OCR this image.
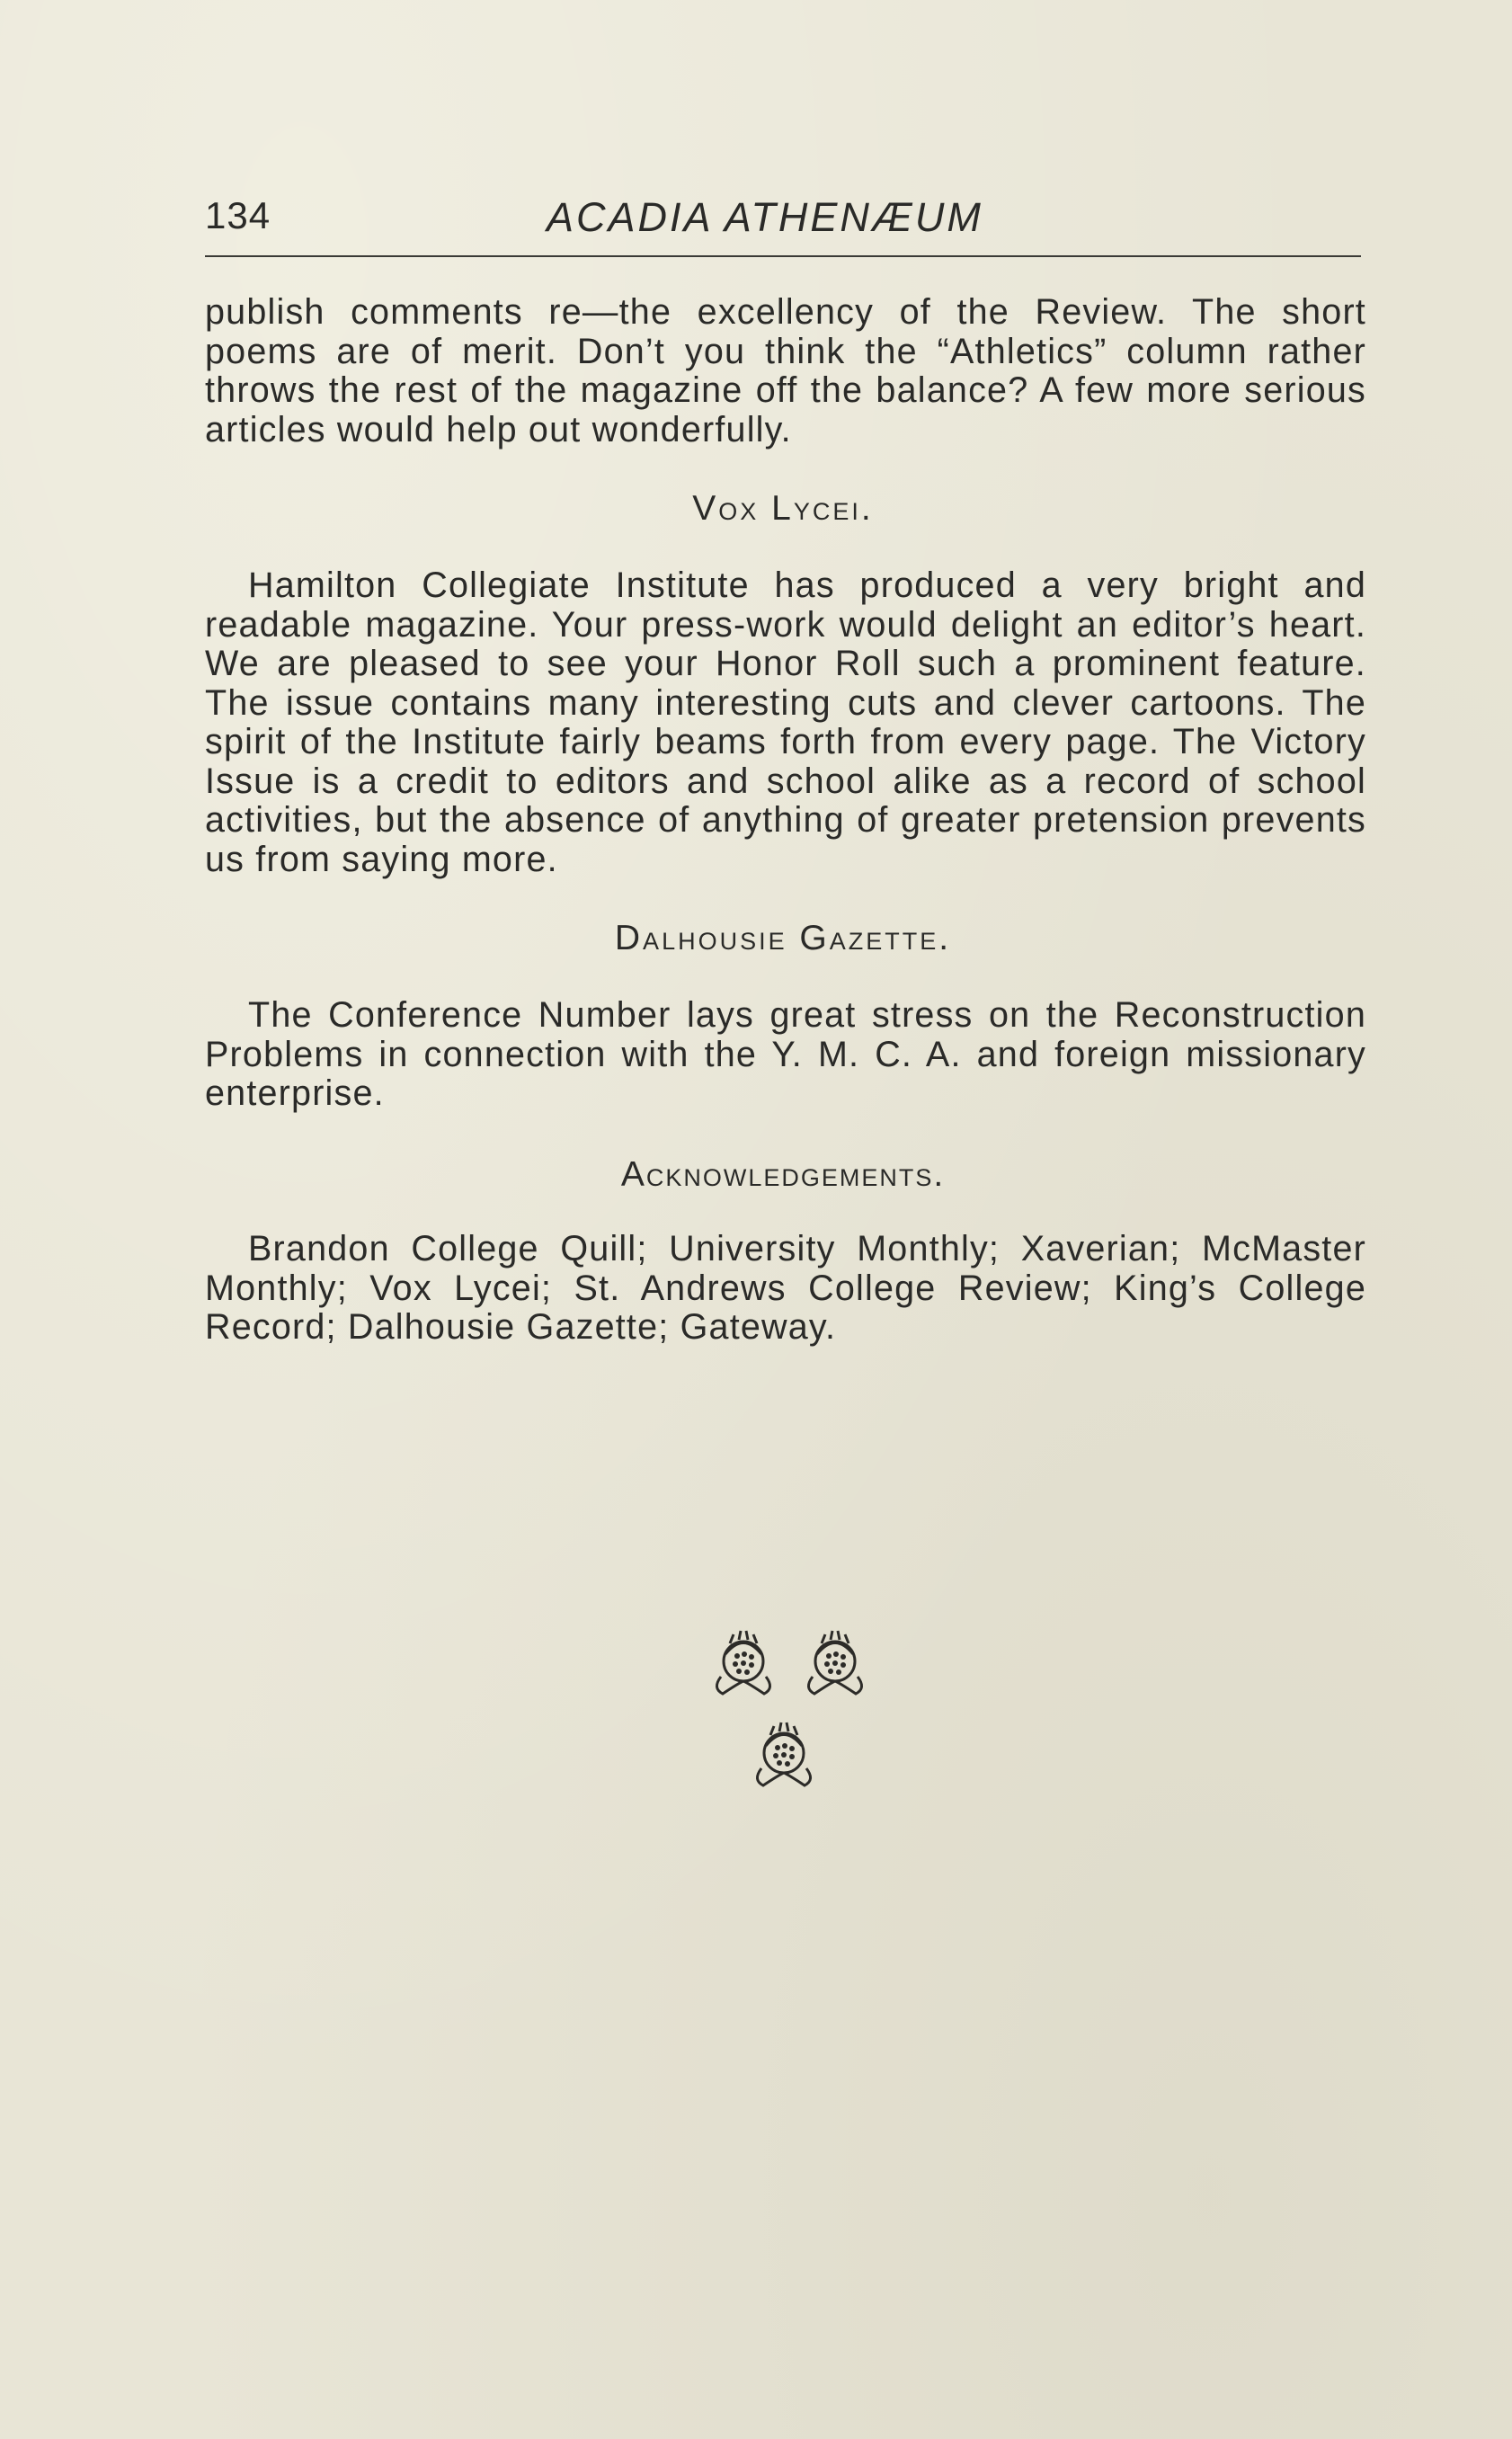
134	ACADIA ATHENÆUM

publish comments re—the excellency of the Review. The short poems are of merit. Don’t you think the “Athletics” column rather throws the rest of the magazine off the balance? A few more serious articles would help out wonderfully.

Vox Lycei.

Hamilton Collegiate Institute has produced a very bright and readable magazine. Your press-work would delight an editor’s heart. We are pleased to see your Honor Roll such a prominent feature. The issue contains many interesting cuts and clever cartoons. The spirit of the Institute fairly beams forth from every page. The Victory Issue is a credit to editors and school alike as a record of school activities, but the absence of anything of greater pretension prevents us from saying more.

Dalhousie Gazette.

The Conference Number lays great stress on the Reconstruction Problems in connection with the Y. M. C. A. and foreign missionary enterprise.

Acknowledgements.

Brandon College Quill; University Monthly; Xaverian; McMaster Monthly; Vox Lycei; St. Andrews College Review; King’s College Record; Dalhousie Gazette; Gateway.
